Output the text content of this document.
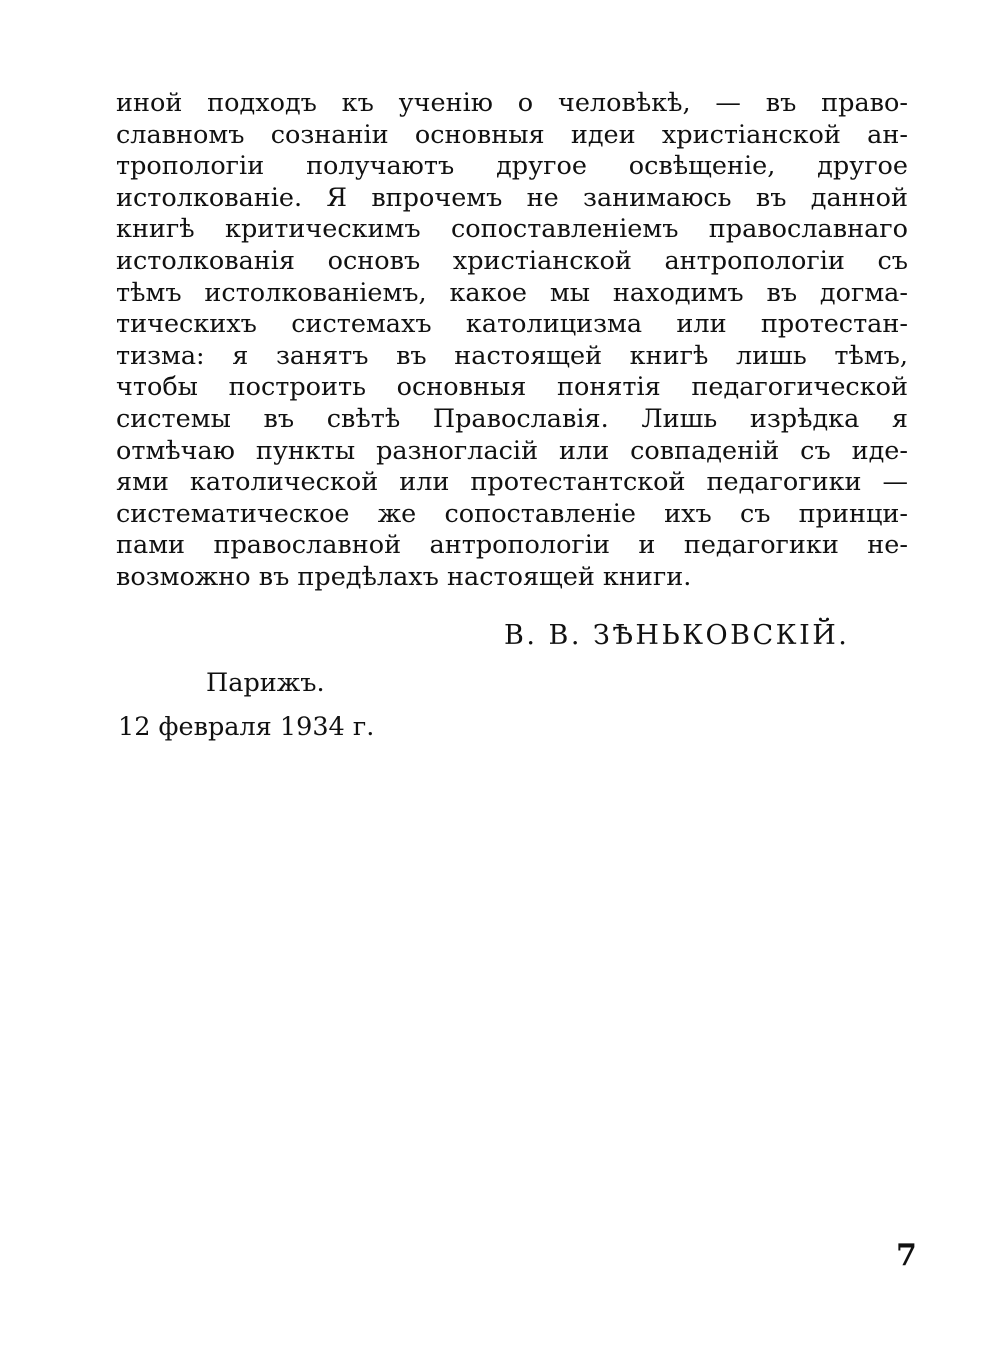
иной подходъ къ ученiю о человѣкѣ, — въ право-
славномъ сознанiи основныя идеи христiанской ан-
тропологiи получаютъ другое освѣщенiе, другое
истолкованiе. Я впрочемъ не занимаюсь въ данной
книгѣ критическимъ сопоставленiемъ православнаго
истолкованiя основъ христiанской антропологiи съ
тѣмъ истолкованiемъ, какое мы находимъ въ догма-
тическихъ системахъ католицизма или протестан-
тизма: я занятъ въ настоящей книгѣ лишь тѣмъ,
чтобы построить основныя понятiя педагогической
системы въ свѣтѣ Православiя. Лишь изрѣдка я
отмѣчаю пункты разногласiй или совпаденiй съ иде-
ями католической или протестантской педагогики —
систематическое же сопоставленiе ихъ съ принци-
пами православной антропологiи и педагогики не-
возможно въ предѣлахъ настоящей книги.
В. В. ЗѢНЬКОВСКIЙ.
Парижъ.
12 февраля 1934 г.
7
